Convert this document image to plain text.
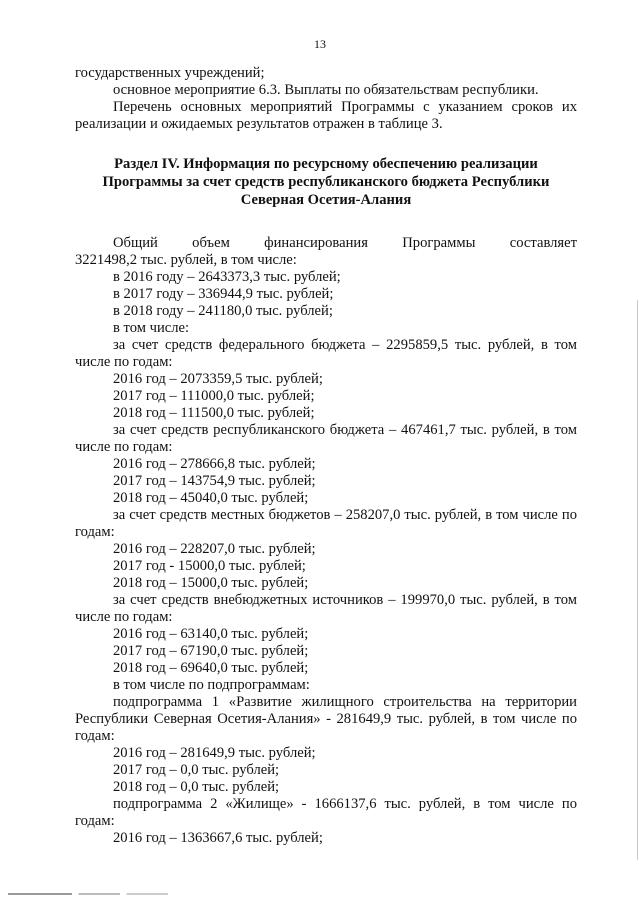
13

государственных учреждений;

основное мероприятие 6.3. Выплаты по обязательствам республики.

Перечень основных мероприятий Программы с указанием сроков их реализации и ожидаемых результатов отражен в таблице 3.

Раздел IV. Информация по ресурсному обеспечению реализации Программы за счет средств республиканского бюджета Республики Северная Осетия-Алания

Общий объем финансирования Программы составляет

3221498,2 тыс. рублей, в том числе:

в 2016 году – 2643373,3 тыс. рублей;

в 2017 году – 336944,9 тыс. рублей;

в 2018 году – 241180,0 тыс. рублей;

в том числе:

за счет средств федерального бюджета – 2295859,5 тыс. рублей, в том числе по годам:

2016 год – 2073359,5 тыс. рублей;

2017 год – 111000,0 тыс. рублей;

2018 год – 111500,0 тыс. рублей;

за счет средств республиканского бюджета – 467461,7 тыс. рублей, в том числе по годам:

2016 год – 278666,8 тыс. рублей;

2017 год – 143754,9 тыс. рублей;

2018 год – 45040,0 тыс. рублей;

за счет средств местных бюджетов – 258207,0 тыс. рублей, в том числе по годам:

2016 год – 228207,0 тыс. рублей;

2017 год - 15000,0 тыс. рублей;

2018 год – 15000,0 тыс. рублей;

за счет средств внебюджетных источников – 199970,0 тыс. рублей, в том числе по годам:

2016 год – 63140,0 тыс. рублей;

2017 год – 67190,0 тыс. рублей;

2018 год – 69640,0 тыс. рублей;

в том числе по подпрограммам:

подпрограмма 1 «Развитие жилищного строительства на территории Республики Северная Осетия-Алания» - 281649,9 тыс. рублей, в том числе по годам:

2016 год – 281649,9 тыс. рублей;

2017 год – 0,0 тыс. рублей;

2018 год – 0,0 тыс. рублей;

подпрограмма 2 «Жилище» - 1666137,6 тыс. рублей, в том числе по годам:

2016 год – 1363667,6 тыс. рублей;
